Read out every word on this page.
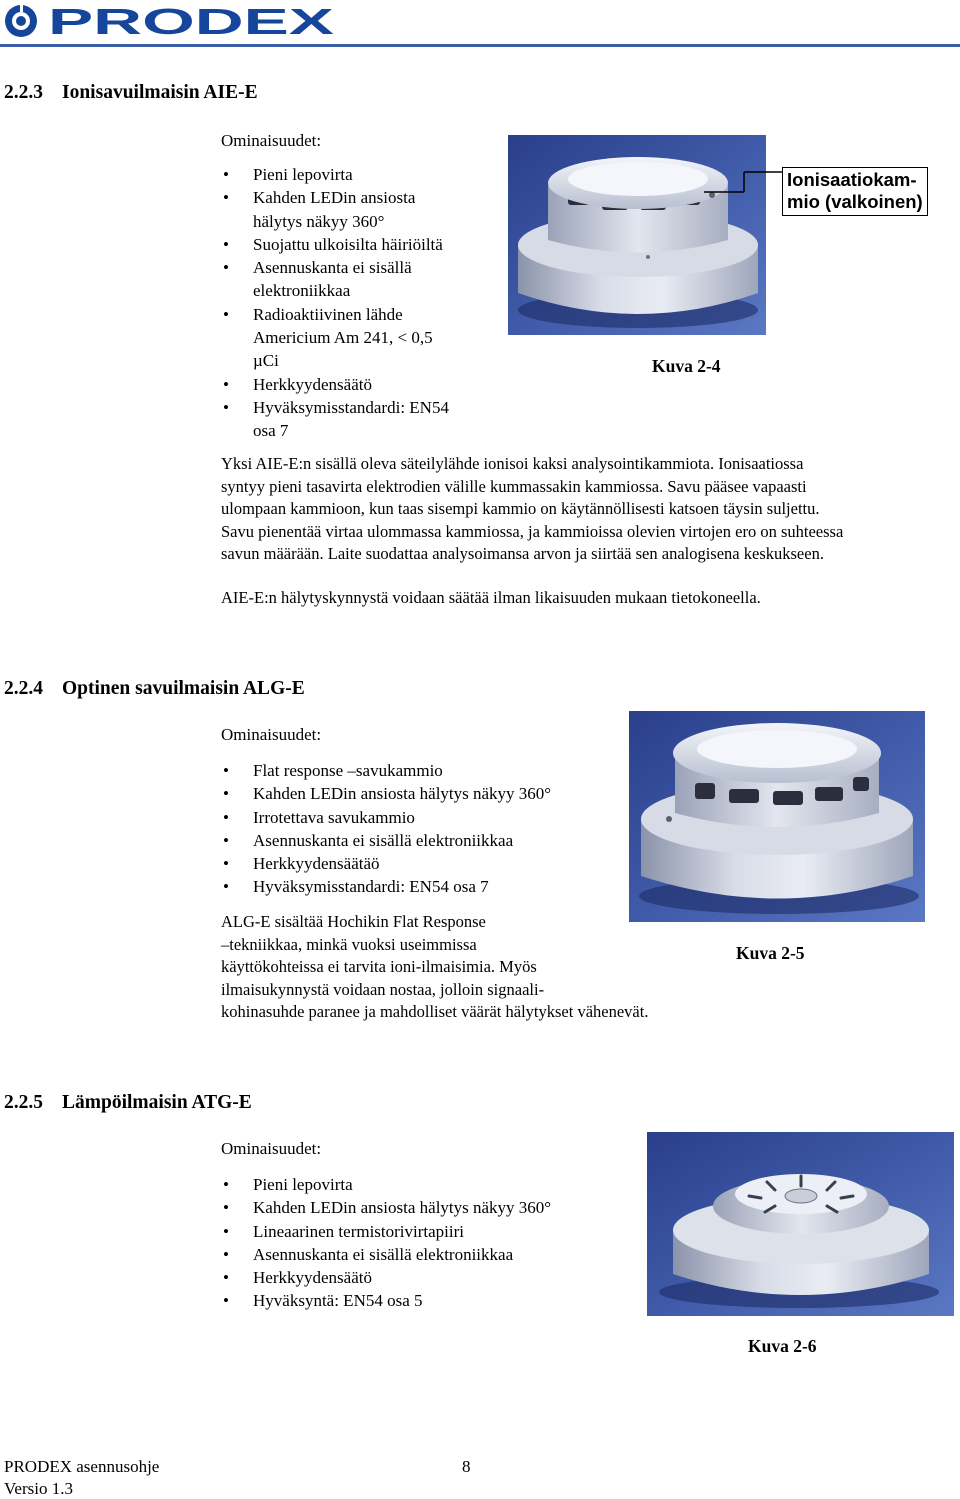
PRODEX
2.2.3 Ionisavuilmaisin AIE-E
Ominaisuudet:
• Pieni lepovirta
• Kahden LEDin ansiosta
hälytys näkyy 360°
• Suojattu ulkoisilta häiriöiltä
• Asennuskanta ei sisällä
elektroniikkaa
• Radioaktiivinen lähde
Americium Am 241, < 0,5
µCi
• Herkkyydensäätö
• Hyväksymisstandardi: EN54
osa 7
Ionisaatiokam-
mio (valkoinen)
Kuva 2-4
Yksi AIE-E:n sisällä oleva säteilylähde ionisoi kaksi analysointikammiota. Ionisaatiossa
syntyy pieni tasavirta elektrodien välille kummassakin kammiossa. Savu pääsee vapaasti
ulompaan kammioon, kun taas sisempi kammio on käytännöllisesti katsoen täysin suljettu.
Savu pienentää virtaa ulommassa kammiossa, ja kammioissa olevien virtojen ero on suhteessa
savun määrään. Laite suodattaa analysoimansa arvon ja siirtää sen analogisena keskukseen.
AIE-E:n hälytyskynnystä voidaan säätää ilman likaisuuden mukaan tietokoneella.
2.2.4 Optinen savuilmaisin ALG-E
Ominaisuudet:
• Flat response –savukammio
• Kahden LEDin ansiosta hälytys näkyy 360°
• Irrotettava savukammio
• Asennuskanta ei sisällä elektroniikkaa
• Herkkyydensäätäö
• Hyväksymisstandardi: EN54 osa 7
Kuva 2-5
ALG-E sisältää Hochikin Flat Response
–tekniikkaa, minkä vuoksi useimmissa
käyttökohteissa ei tarvita ioni-ilmaisimia. Myös
ilmaisukynnystä voidaan nostaa, jolloin signaali-
kohinasuhde paranee ja mahdolliset väärät hälytykset vähenevät.
2.2.5 Lämpöilmaisin ATG-E
Ominaisuudet:
• Pieni lepovirta
• Kahden LEDin ansiosta hälytys näkyy 360°
• Lineaarinen termistorivirtapiiri
• Asennuskanta ei sisällä elektroniikkaa
• Herkkyydensäätö
• Hyväksyntä: EN54 osa 5
Kuva 2-6
PRODEX asennusohje	8
Versio 1.3
